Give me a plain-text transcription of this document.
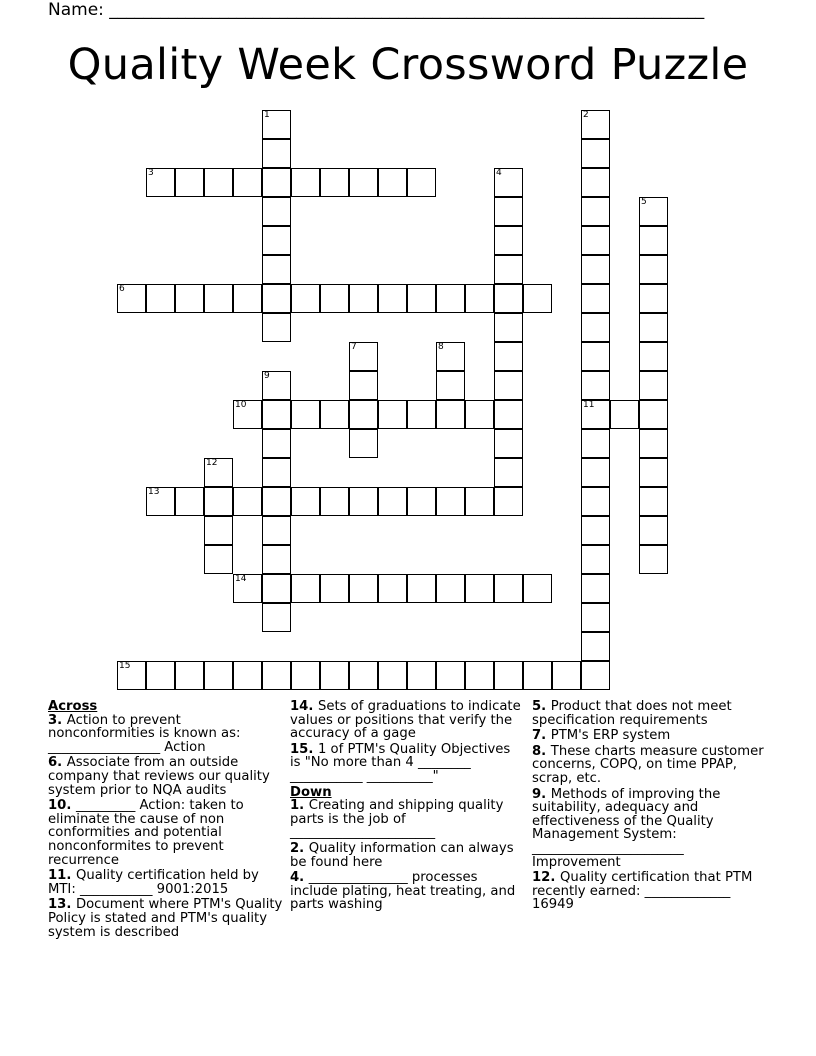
Name: ______________________________________________________________________
Quality Week Crossword Puzzle
1	2
11
3	4
5
6
7	8
9
10
12
13
14
15
Across
3. Action to prevent nonconformities is known as: _________________ Action
6. Associate from an outside company that reviews our quality system prior to NQA audits
10. _________ Action: taken to eliminate the cause of non conformities and potential nonconformites to prevent recurrence
11. Quality certification held by MTI: ___________ 9001:2015
13. Document where PTM's Quality Policy is stated and PTM's quality system is described
14. Sets of graduations to indicate values or positions that verify the accuracy of a gage
15. 1 of PTM's Quality Objectives is "No more than 4 ________ ___________ __________"
Down
1. Creating and shipping quality parts is the job of ______________________
2. Quality information can always be found here
4. _______________ processes include plating, heat treating, and parts washing
5. Product that does not meet specification requirements
7. PTM's ERP system
8. These charts measure customer concerns, COPQ, on time PPAP, scrap, etc.
9. Methods of improving the suitability, adequacy and effectiveness of the Quality Management System: _______________________ Improvement
12. Quality certification that PTM recently earned: _____________ 16949
